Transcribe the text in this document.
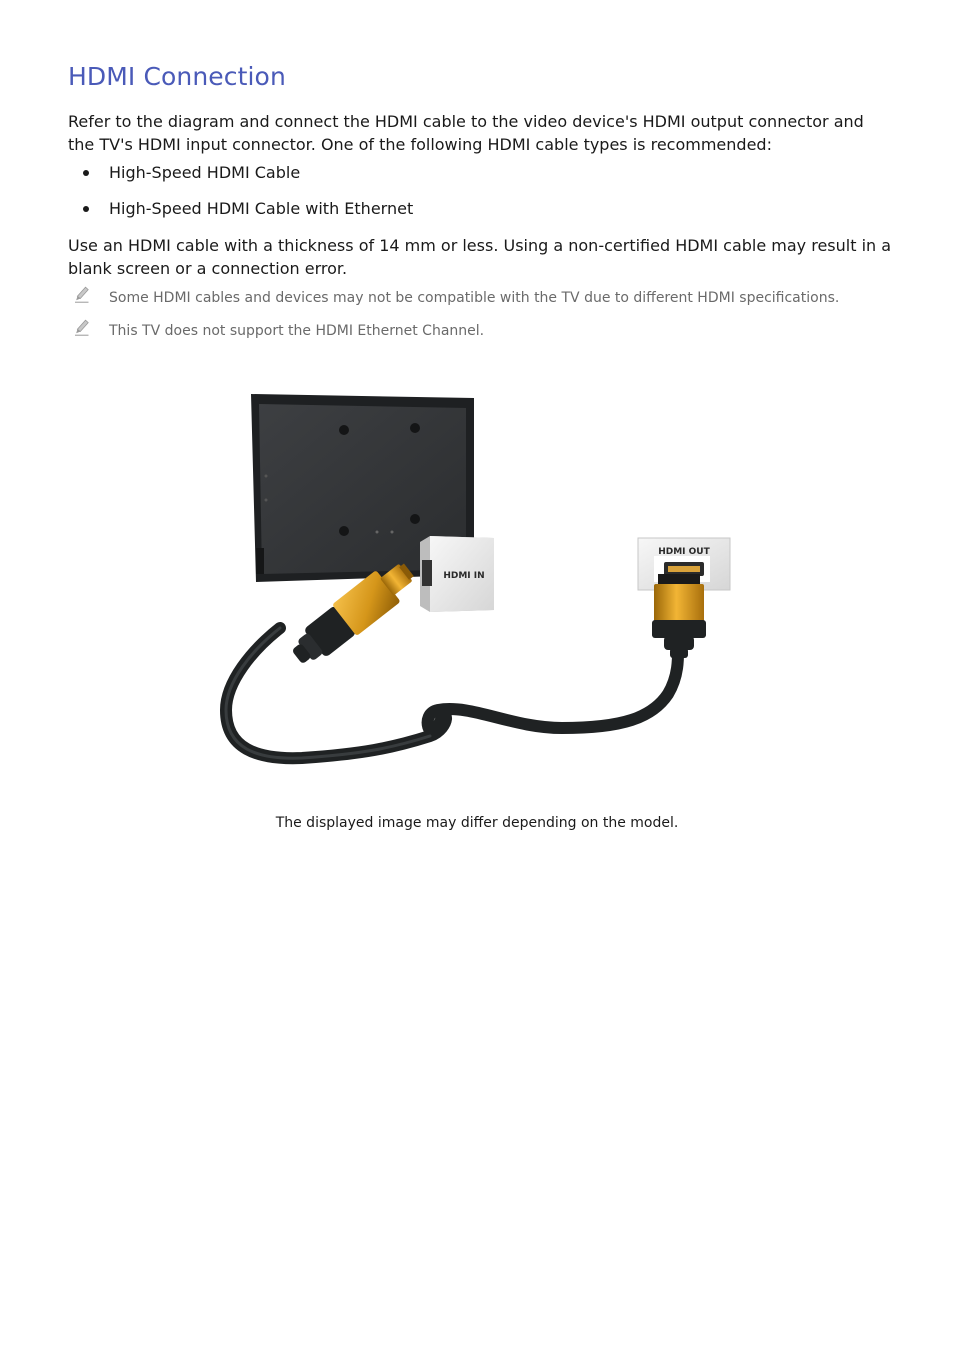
HDMI Connection

Refer to the diagram and connect the HDMI cable to the video device's HDMI output connector and the TV's HDMI input connector. One of the following HDMI cable types is recommended:

High-Speed HDMI Cable
High-Speed HDMI Cable with Ethernet

Use an HDMI cable with a thickness of 14 mm or less. Using a non-certified HDMI cable may result in a blank screen or a connection error.

Some HDMI cables and devices may not be compatible with the TV due to different HDMI specifications.
This TV does not support the HDMI Ethernet Channel.

The displayed image may differ depending on the model.

HDMI IN
HDMI OUT
